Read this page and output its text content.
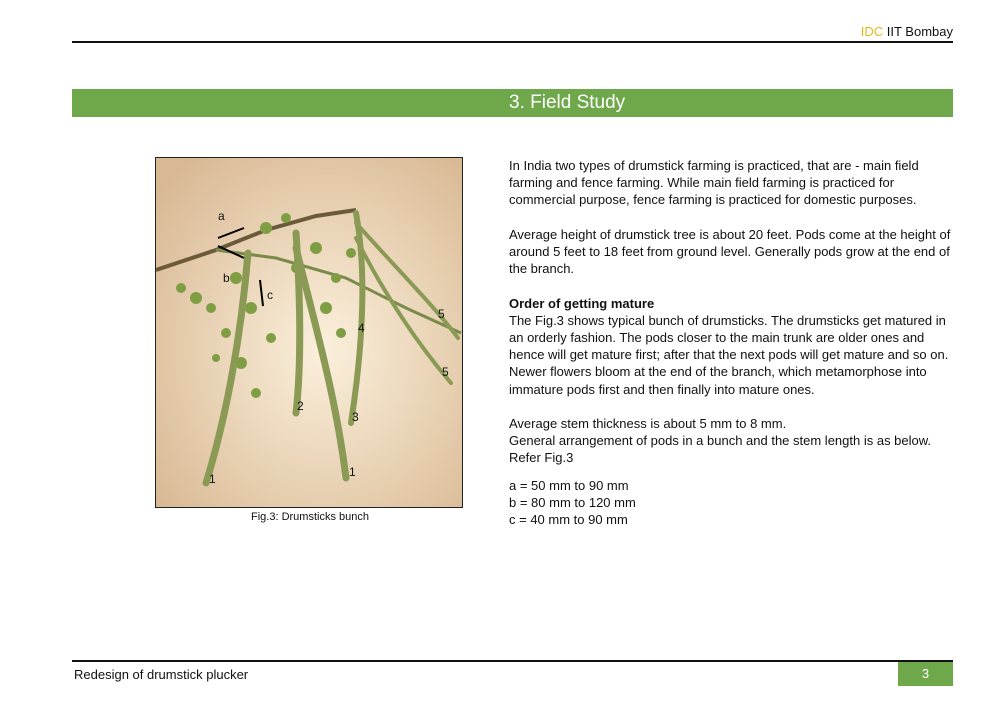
IDC IIT Bombay
3. Field Study
a
b
c
1
2
3
4
5
5
1
Fig.3: Drumsticks bunch

In India two types of drumstick farming is practiced, that are - main field farming and fence farming. While main field farming is practiced for commercial purpose, fence farming is practiced for domestic purposes.

Average height of drumstick tree is about 20 feet. Pods come at the height of around 5 feet to 18 feet from ground level. Generally pods grow at the end of the branch.

Order of getting mature

The Fig.3 shows typical bunch of drumsticks. The drumsticks get matured in an orderly fashion. The pods closer to the main trunk are older ones and hence will get mature first; after that the next pods will get mature and so on. Newer flowers bloom at the end of the branch, which metamorphose into immature pods first and then finally into mature ones.

Average stem thickness is about 5 mm to 8 mm.
General arrangement of pods in a bunch and the stem length is as below. Refer Fig.3
a = 50 mm to 90 mm
b = 80 mm to 120 mm
c = 40 mm to 90 mm
Redesign of drumstick plucker	3
